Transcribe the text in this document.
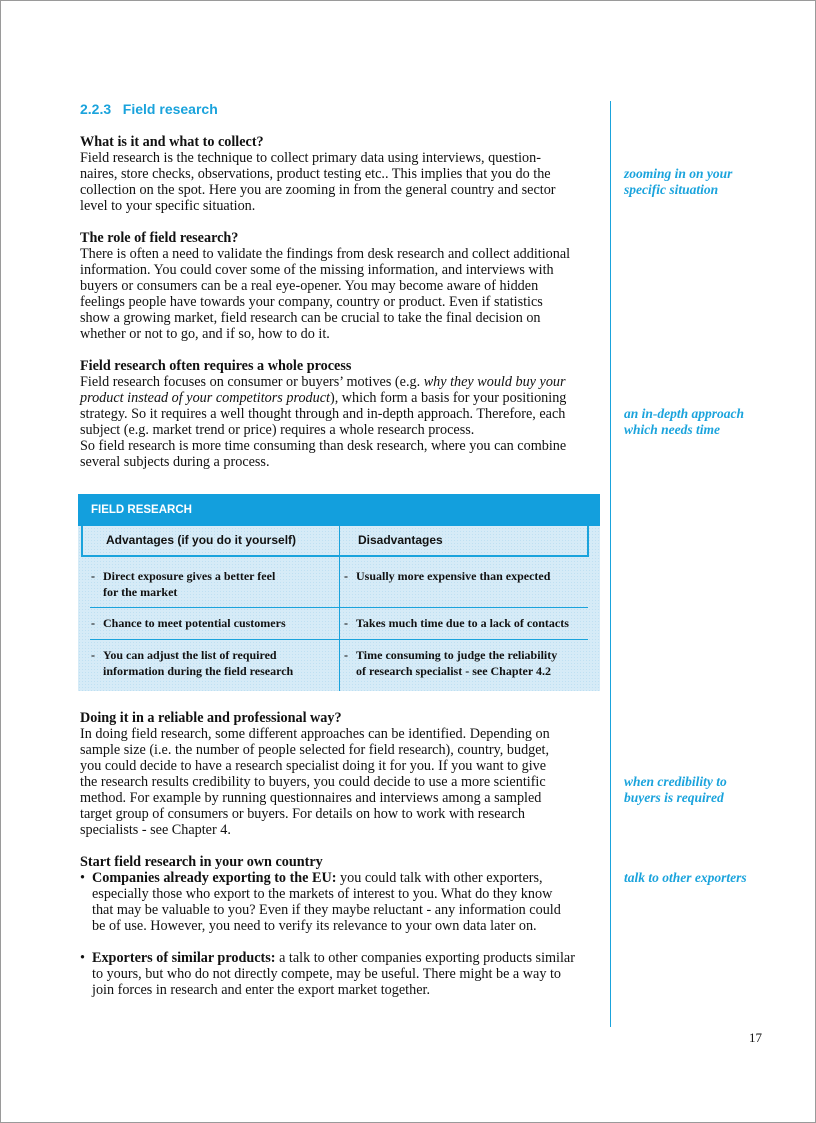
2.2.3   Field research
What is it and what to collect?
Field research is the technique to collect primary data using interviews, question-
naires, store checks, observations, product testing etc.. This implies that you do the
collection on the spot. Here you are zooming in from the general country and sector
level to your specific situation.
The role of field research?
There is often a need to validate the findings from desk research and collect additional
information. You could cover some of the missing information, and interviews with
buyers or consumers can be a real eye-opener. You may become aware of hidden
feelings people have towards your company, country or product. Even if statistics
show a growing market, field research can be crucial to take the final decision on
whether or not to go, and if so, how to do it.
Field research often requires a whole process
Field research focuses on consumer or buyers’ motives (e.g. why they would buy your
product instead of your competitors product), which form a basis for your positioning
strategy. So it requires a well thought through and in-depth approach. Therefore, each
subject (e.g. market trend or price) requires a whole research process.
So field research is more time consuming than desk research, where you can combine
several subjects during a process.
Doing it in a reliable and professional way?
In doing field research, some different approaches can be identified. Depending on
sample size (i.e. the number of people selected for field research), country, budget,
you could decide to have a research specialist doing it for you. If you want to give
the research results credibility to buyers, you could decide to use a more scientific
method. For example by running questionnaires and interviews among a sampled
target group of consumers or buyers. For details on how to work with research
specialists - see Chapter 4.
Start field research in your own country
• Companies already exporting to the EU: you could talk with other exporters,
especially those who export to the markets of interest to you. What do they know
that may be valuable to you? Even if they maybe reluctant - any information could
be of use. However, you need to verify its relevance to your own data later on.
• Exporters of similar products: a talk to other companies exporting products similar
to yours, but who do not directly compete, may be useful. There might be a way to
join forces in research and enter the export market together.
FIELD RESEARCH
Advantages (if you do it yourself)	Disadvantages
- Direct exposure gives a better feel
for the market
- Usually more expensive than expected
- Chance to meet potential customers	- Takes much time due to a lack of contacts
- You can adjust the list of required
information during the field research
- Time consuming to judge the reliability
of research specialist - see Chapter 4.2
zooming in on your
specific situation
an in-depth approach
which needs time
when credibility to
buyers is required
talk to other exporters
17
